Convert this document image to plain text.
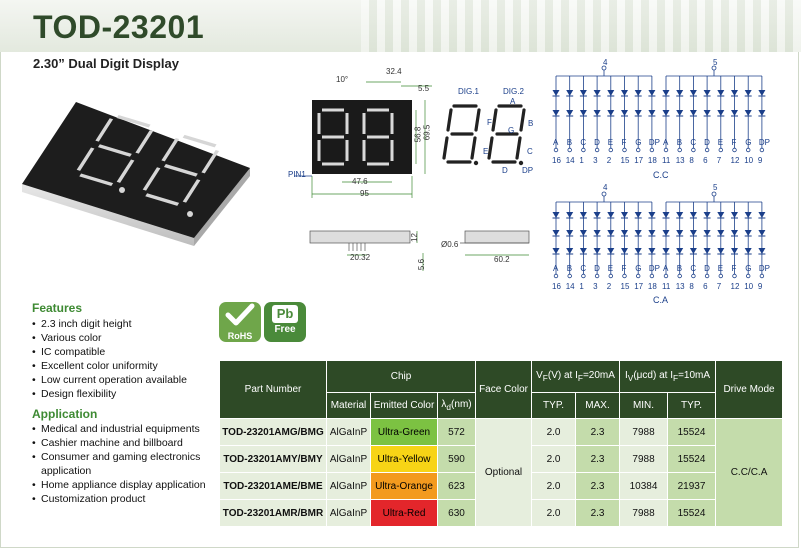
TOD-23201
2.30” Dual Digit Display
10°
32.4
5.5
56.8 69.5
47.6
95
PIN1
12
20.32
5.6
Ø0.6
60.2
DIG.1	DIG.2
A
B
C
D
E
F
G
DP
4	5
A
16
B
14
C
1
D
3
E
2
F
15
G
17
DP
18
A
11
B
13
C
8
D
6
E
7
F
12
G
10
DP
9
C.C
4	5
A
16
B
14
C
1
D
3
E
2
F
15
G
17
DP
18
A
11
B
13
C
8
D
6
E
7
F
12
G
10
DP
9
C.A
Features
• 2.3 inch digit height
• Various color
• IC compatible
• Excellent color uniformity
• Low current operation available
• Design flexibility
Application
• Medical and industrial equipments
• Cashier machine and billboard
• Consumer and gaming electronics application
• Home appliance display application
• Customization product
RoHS
Pb
Free
Part Number	Chip			Face Color	$V_F(V)$ at $I_F=20mA$		$I_V(\mu cd)$ at $I_F=10mA$		Drive Mode
	Material	Emitted Color	$\lambda_d(nm)$		TYP.	MAX.	MIN.	TYP.	
TOD-23201AMG/BMG	AlGaInP	Ultra-Green	572	Optional	2.0	2.3	7988	15524	C.C/C.A
TOD-23201AMY/BMY	AlGaInP	Ultra-Yellow	590		2.0	2.3	7988	15524	
TOD-23201AME/BME	AlGaInP	Ultra-Orange	623		2.0	2.3	10384	21937	
TOD-23201AMR/BMR	AlGaInP	Ultra-Red	630		2.0	2.3	7988	15524	
